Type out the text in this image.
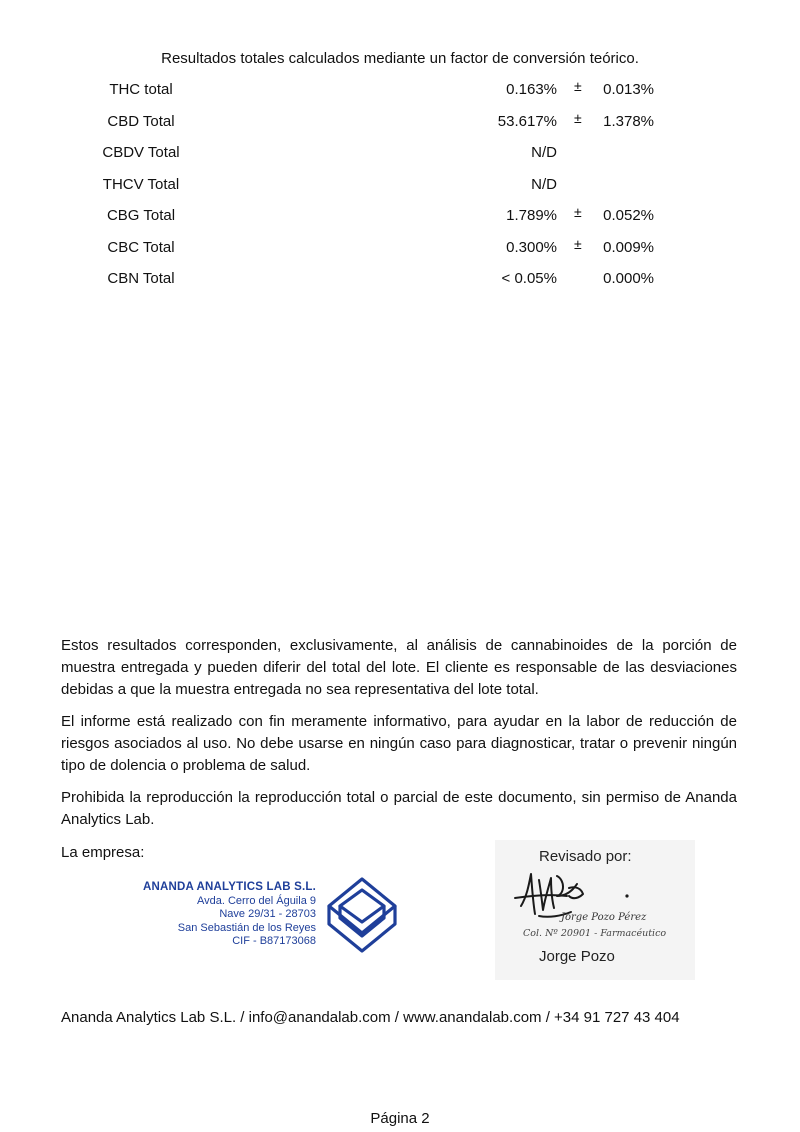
Resultados totales calculados mediante un factor de conversión teórico.
THC total	0.163% ± 0.013%
CBD Total	53.617% ± 1.378%
CBDV Total	N/D
THCV Total	N/D
CBG Total	1.789% ± 0.052%
CBC Total	0.300% ± 0.009%
CBN Total	< 0.05%	0.000%

Estos resultados corresponden, exclusivamente, al análisis de cannabinoides de la porción de muestra entregada y pueden diferir del total del lote. El cliente es responsable de las desviaciones debidas a que la muestra entregada no sea representativa del lote total.

El informe está realizado con fin meramente informativo, para ayudar en la labor de reducción de riesgos asociados al uso. No debe usarse en ningún caso para diagnosticar, tratar o prevenir ningún tipo de dolencia o problema de salud.

Prohibida la reproducción la reproducción total o parcial de este documento, sin permiso de Ananda Analytics Lab.

La empresa:
ANANDA ANALYTICS LAB S.L.
Avda. Cerro del Águila 9
Nave 29/31 - 28703
San Sebastián de los Reyes
CIF - B87173068
Revisado por:
Jorge Pozo Pérez
Col. Nº 20901 - Farmacéutico
Jorge Pozo
Ananda Analytics Lab S.L. / info@anandalab.com / www.anandalab.com / +34 91 727 43 404
Página 2
